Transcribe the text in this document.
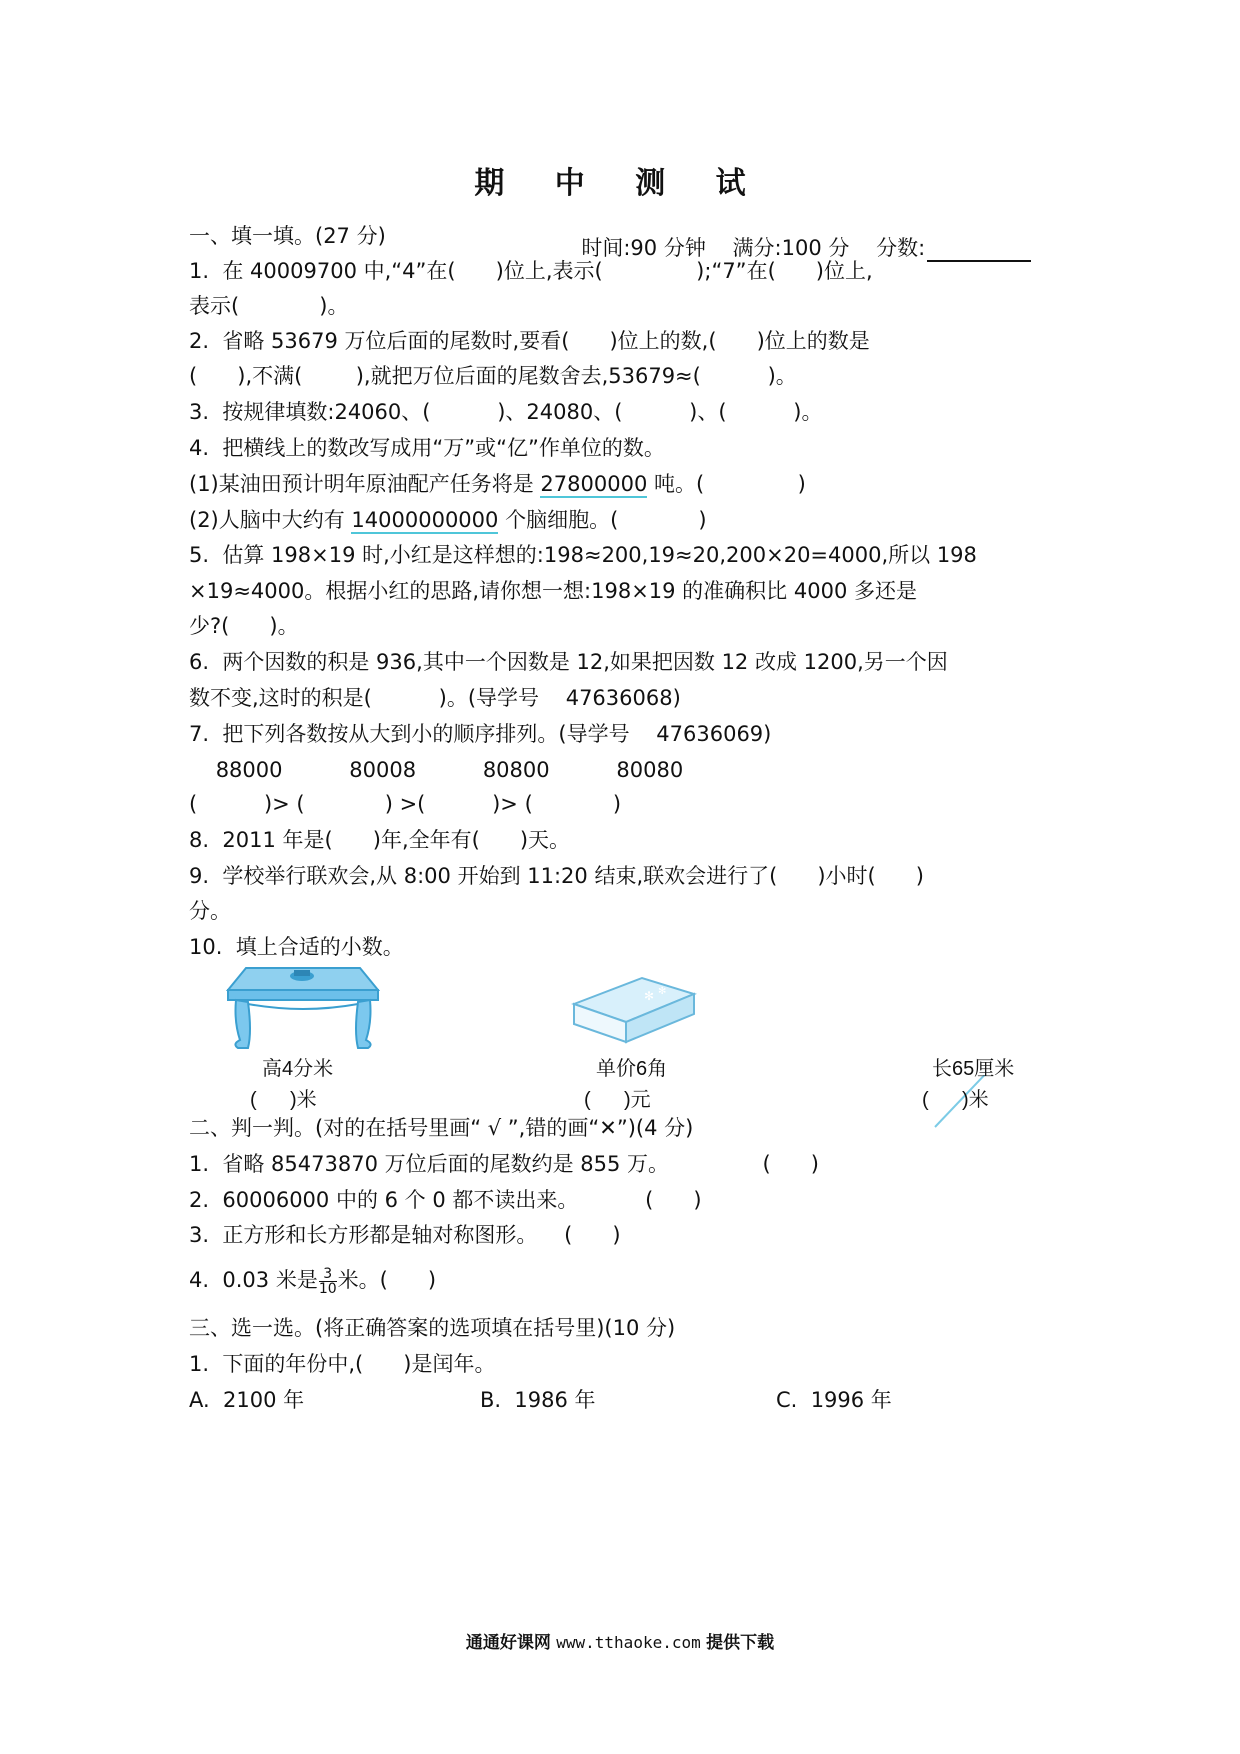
期 中 测 试

时间:90 分钟 满分:100 分 分数:

一、填一填。(27 分)
1.  在 40009700 中,“4”在(      )位上,表示(              );“7”在(      )位上,
表示(            )。
2.  省略 53679 万位后面的尾数时,要看(      )位上的数,(      )位上的数是
(      ),不满(        ),就把万位后面的尾数舍去,53679≈(          )。
3.  按规律填数:24060、(          )、24080、(          )、(          )。
4.  把横线上的数改写成用“万”或“亿”作单位的数。
(1)某油田预计明年原油配产任务将是 27800000 吨。(              )
(2)人脑中大约有 14000000000 个脑细胞。(            )
5.  估算 198×19 时,小红是这样想的:198≈200,19≈20,200×20=4000,所以 198
×19≈4000。根据小红的思路,请你想一想:198×19 的准确积比 4000 多还是
少?(      )。
6.  两个因数的积是 936,其中一个因数是 12,如果把因数 12 改成 1200,另一个因
数不变,这时的积是(          )。(导学号    47636068)
7.  把下列各数按从大到小的顺序排列。(导学号    47636069)
88000          80008          80800          80080
(          )> (            ) >(          )> (            )
8.  2011 年是(      )年,全年有(      )天。
9.  学校举行联欢会,从 8:00 开始到 11:20 结束,联欢会进行了(      )小时(      )
分。
10.  填上合适的小数。
高4分米
(      )米
✻ ✻
单价6角
(      )元
长65厘米
(      )米
二、判一判。(对的在括号里画“ √ ”,错的画“✕”)(4 分)
1.  省略 85473870 万位后面的尾数约是 855 万。              (      )
2.  60006000 中的 6 个 0 都不读出来。          (      )
3.  正方形和长方形都是轴对称图形。    (      )
4.  0.03 米是 $\frac{3}{10}$ 米。(      )
三、选一选。(将正确答案的选项填在括号里)(10 分)
1.  下面的年份中,(      )是闰年。
A.  2100 年	B.  1986 年	C.  1996 年
通通好课网 www.tthaoke.com 提供下载
